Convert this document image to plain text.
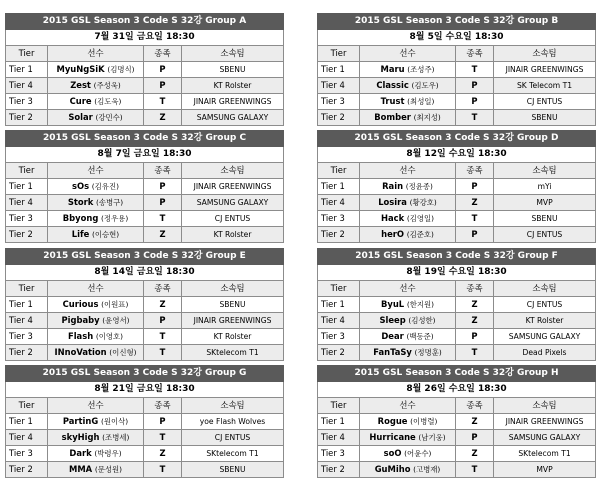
2015 GSL Season 3 Code S 32강 Group A			
7월 31일 금요일 18:30			
Tier	선수	종족	소속팀
Tier 1	MyuNgSiK (김명식)	P	SBENU
Tier 4	Zest (주성욱)	P	KT Rolster
Tier 3	Cure (김도욱)	T	JINAIR GREENWINGS
Tier 2	Solar (강민수)	Z	SAMSUNG GALAXY
2015 GSL Season 3 Code S 32강 Group B			
8월 5일 수요일 18:30			
Tier	선수	종족	소속팀
Tier 1	Maru (조성주)	T	JINAIR GREENWINGS
Tier 4	Classic (김도우)	P	SK Telecom T1
Tier 3	Trust (최성일)	P	CJ ENTUS
Tier 2	Bomber (최지성)	T	SBENU
2015 GSL Season 3 Code S 32강 Group C			
8월 7일 금요일 18:30			
Tier	선수	종족	소속팀
Tier 1	sOs (김유진)	P	JINAIR GREENWINGS
Tier 4	Stork (송병구)	P	SAMSUNG GALAXY
Tier 3	Bbyong (정우용)	T	CJ ENTUS
Tier 2	Life (이승현)	Z	KT Rolster
2015 GSL Season 3 Code S 32강 Group D			
8월 12일 수요일 18:30			
Tier	선수	종족	소속팀
Tier 1	Rain (정윤종)	P	mYi
Tier 4	Losira (황강호)	Z	MVP
Tier 3	Hack (김영일)	T	SBENU
Tier 2	herO (김준호)	P	CJ ENTUS
2015 GSL Season 3 Code S 32강 Group E			
8월 14일 금요일 18:30			
Tier	선수	종족	소속팀
Tier 1	Curious (이원표)	Z	SBENU
Tier 4	Pigbaby (윤영서)	P	JINAIR GREENWINGS
Tier 3	Flash (이영호)	T	KT Rolster
Tier 2	INnoVation (이신형)	T	SKtelecom T1
2015 GSL Season 3 Code S 32강 Group F			
8월 19일 수요일 18:30			
Tier	선수	종족	소속팀
Tier 1	ByuL (한지원)	Z	CJ ENTUS
Tier 4	Sleep (김성한)	Z	KT Rolster
Tier 3	Dear (백동준)	P	SAMSUNG GALAXY
Tier 2	FanTaSy (정명훈)	T	Dead Pixels
2015 GSL Season 3 Code S 32강 Group G			
8월 21일 금요일 18:30			
Tier	선수	종족	소속팀
Tier 1	PartinG (원이삭)	P	yoe Flash Wolves
Tier 4	skyHigh (조병세)	T	CJ ENTUS
Tier 3	Dark (박령우)	Z	SKtelecom T1
Tier 2	MMA (문성원)	T	SBENU
2015 GSL Season 3 Code S 32강 Group H			
8월 26일 수요일 18:30			
Tier	선수	종족	소속팀
Tier 1	Rogue (이병렬)	Z	JINAIR GREENWINGS
Tier 4	Hurricane (남기웅)	P	SAMSUNG GALAXY
Tier 3	soO (어윤수)	Z	SKtelecom T1
Tier 2	GuMiho (고병재)	T	MVP
